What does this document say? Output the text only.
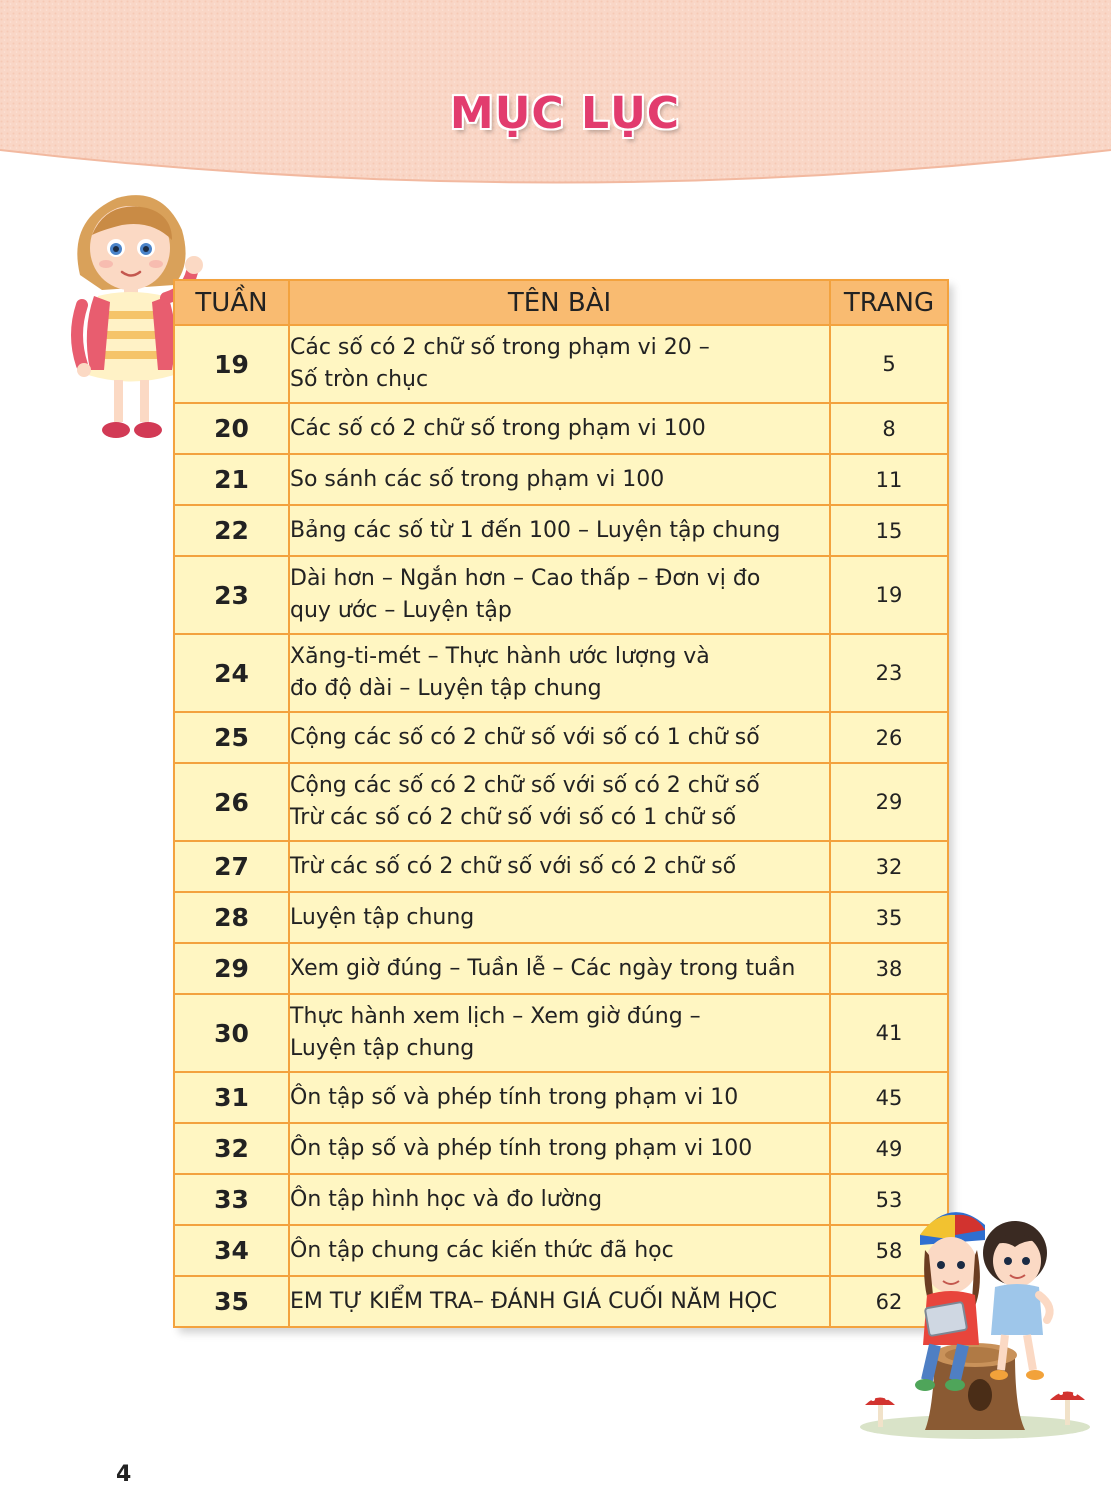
MỤC LỤC
TUẦN	TÊN BÀI	TRANG
19	Các số có 2 chữ số trong phạm vi 20 –
Số tròn chục	5
20	Các số có 2 chữ số trong phạm vi 100	8
21	So sánh các số trong phạm vi 100	11
22	Bảng các số từ 1 đến 100 – Luyện tập chung	15
23	Dài hơn – Ngắn hơn – Cao thấp – Đơn vị đo
quy ước – Luyện tập	19
24	Xăng-ti-mét – Thực hành ước lượng và
đo độ dài – Luyện tập chung	23
25	Cộng các số có 2 chữ số với số có 1 chữ số	26
26	Cộng các số có 2 chữ số với số có 2 chữ số
Trừ các số có 2 chữ số với số có 1 chữ số	29
27	Trừ các số có 2 chữ số với số có 2 chữ số	32
28	Luyện tập chung	35
29	Xem giờ đúng – Tuần lễ – Các ngày trong tuần	38
30	Thực hành xem lịch – Xem giờ đúng –
Luyện tập chung	41
31	Ôn tập số và phép tính trong phạm vi 10	45
32	Ôn tập số và phép tính trong phạm vi 100	49
33	Ôn tập hình học và đo lường	53
34	Ôn tập chung các kiến thức đã học	58
35	EM TỰ KIỂM TRA– ĐÁNH GIÁ CUỐI NĂM HỌC	62
4
